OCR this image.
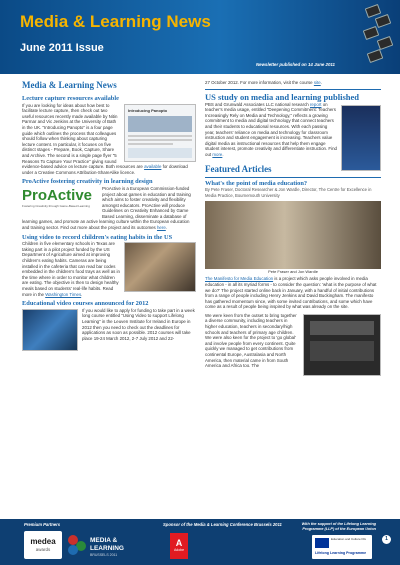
Media & Learning News
June 2011 Issue
Newsletter published on 14 June 2011
Media & Learning News
Lecture capture resources available
Introducing Panopto

If you are looking for ideas about how best to facilitate lecture capture, then check out two useful resources recently made available by Nitin Parmar and Vic Jenkins at the University of Bath in the UK. "Introducing Panopto" is a four page guide which outlines the process that colleagues should follow when thinking about capturing lecture content. In particular, it focuses on five distinct stages - Prepare, Book, Capture, Share and Archive. The second is a single page flyer "5 Reasons To Capture Your Practice" giving sound evidence-based advice on lecture capture. Both resources are available for download under a Creative Commons Attribution-ShareAlike licence.

ProActive fostering creativity in learning design
ProActive
Fostering Creativity through Game-Based Learning

ProActive is a European Commission-funded project about games in education and training which aims to foster creativity and flexibility amongst educators. ProActive will produce Guidelines on Creativity Enhanced by Game Based Learning, disseminate a database of learning games, and promote an active learning culture within the European education and training sector. Find out more about the project and its outcomes here.

Using video to record children's eating habits in the US

Children in five elementary schools in Texas are taking part in a pilot project funded by the US Department of Agriculture aimed at improving children's eating habits. Cameras are being installed in the cafeteria that can read bar codes embedded in the children's food trays as well as in the time where in order to monitor what children are eating. The objective is then to design healthy meals based on students' real-life habits. Read more in the Washington Times.

Educational video courses announced for 2012

If you would like to apply for funding to take part in a week long course entitled "Using Video to support Lifelong Learning" in the Leuven Institute for Ireland in Europe in 2012 then you need to check out the deadlines for applications as soon as possible. 2012 courses will take place 19-24 March 2012, 2-7 July 2012 and 22-

27 October 2012. For more information, visit the course site.

US study on media and learning published

PBS and Grunwald Associates LLC national research report on teacher's media usage, entitled "Deepening Commitment: Teachers Increasingly Rely on Media and Technology," reflects a growing commitment to media and digital technology that connect teachers and their students to educational resources. With each passing year, teachers' reliance on media and technology for classroom instruction and student engagement is increasing. Teachers value digital media as instructional resources that help them engage student interest, promote creativity and differentiate instruction. Find out more.

Featured Articles
What's the point of media education?

By Pete Fraser, Doctoral Researcher & Jon Wardle, Director, The Centre for Excellence in Media Practice, Bournemouth University

Pete Fraser and Jon Wardle

The Manifesto for Media Education is a project which asks people involved in media education - in all its myriad forms - to consider the question: 'what is the purpose of what we do?' The project started online back in January, with a handful of initial contributions from a range of people including Henry Jenkins and David Buckingham. The manifesto has gathered momentum since, with some invited contributions, and some which have come as a result of people being inspired by what was already on the site.

We were keen from the outset to bring together a diverse community, including teachers in higher education, teachers in secondary/high schools and teachers of primary age children. We were also keen for the project to 'go global' and involve people from every continent. Quite quickly we managed to get contributions from continental Europe, Australasia and North America, then material came in from South America and Africa too. The

Premium Partners
medea
awards
MEDIA & LEARNING
BRUSSELS 2011
Sponsor of the Media & Learning Conference Brussels 2011
A
Adobe
With the support of the Lifelong Learning Programme (LLP) of the European Union
Education and Culture DG
Lifelong Learning Programme
1
